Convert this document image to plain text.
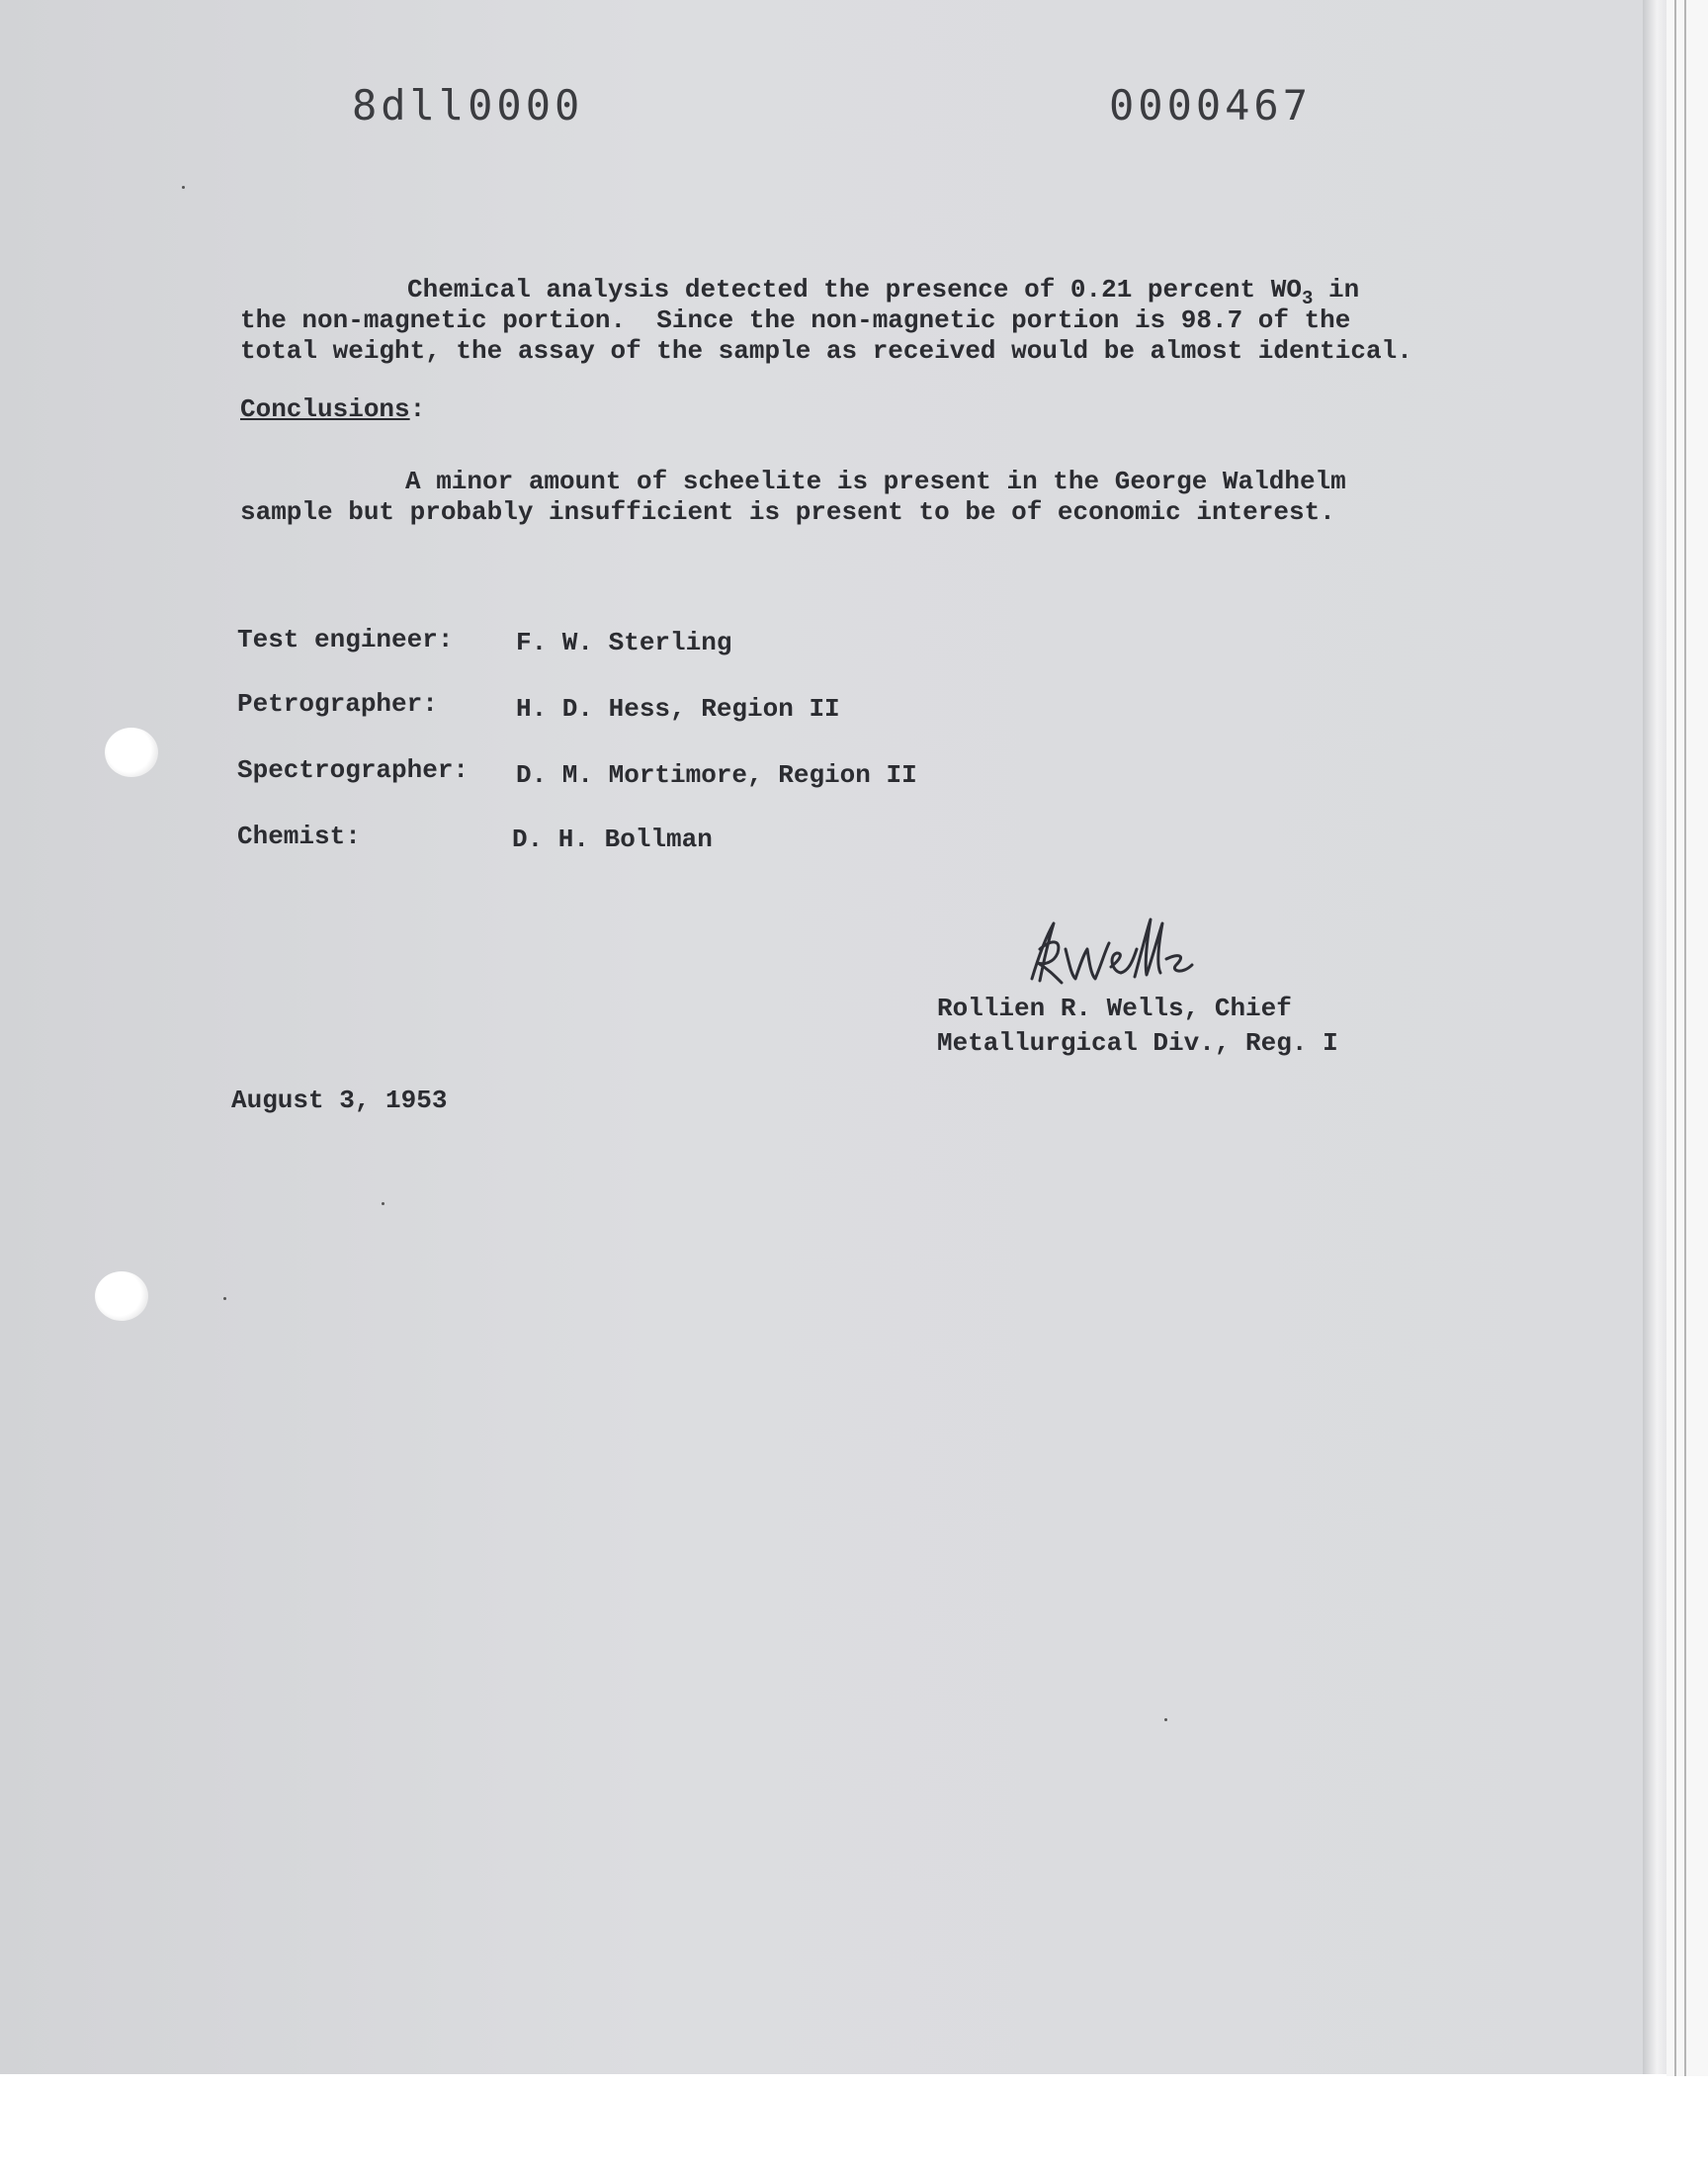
8dll0000	0000467
Chemical analysis detected the presence of 0.21 percent $WO_3$ in
the non-magnetic portion.  Since the non-magnetic portion is 98.7 of the
total weight, the assay of the sample as received would be almost identical.
Conclusions:
A minor amount of scheelite is present in the George Waldhelm
sample but probably insufficient is present to be of economic interest.
Test engineer: F. W. Sterling
Petrographer:	H. D. Hess, Region II
Spectrographer: D. M. Mortimore, Region II
Chemist:	D. H. Bollman
Rollien R. Wells, Chief
Metallurgical Div., Reg. I
August 3, 1953
